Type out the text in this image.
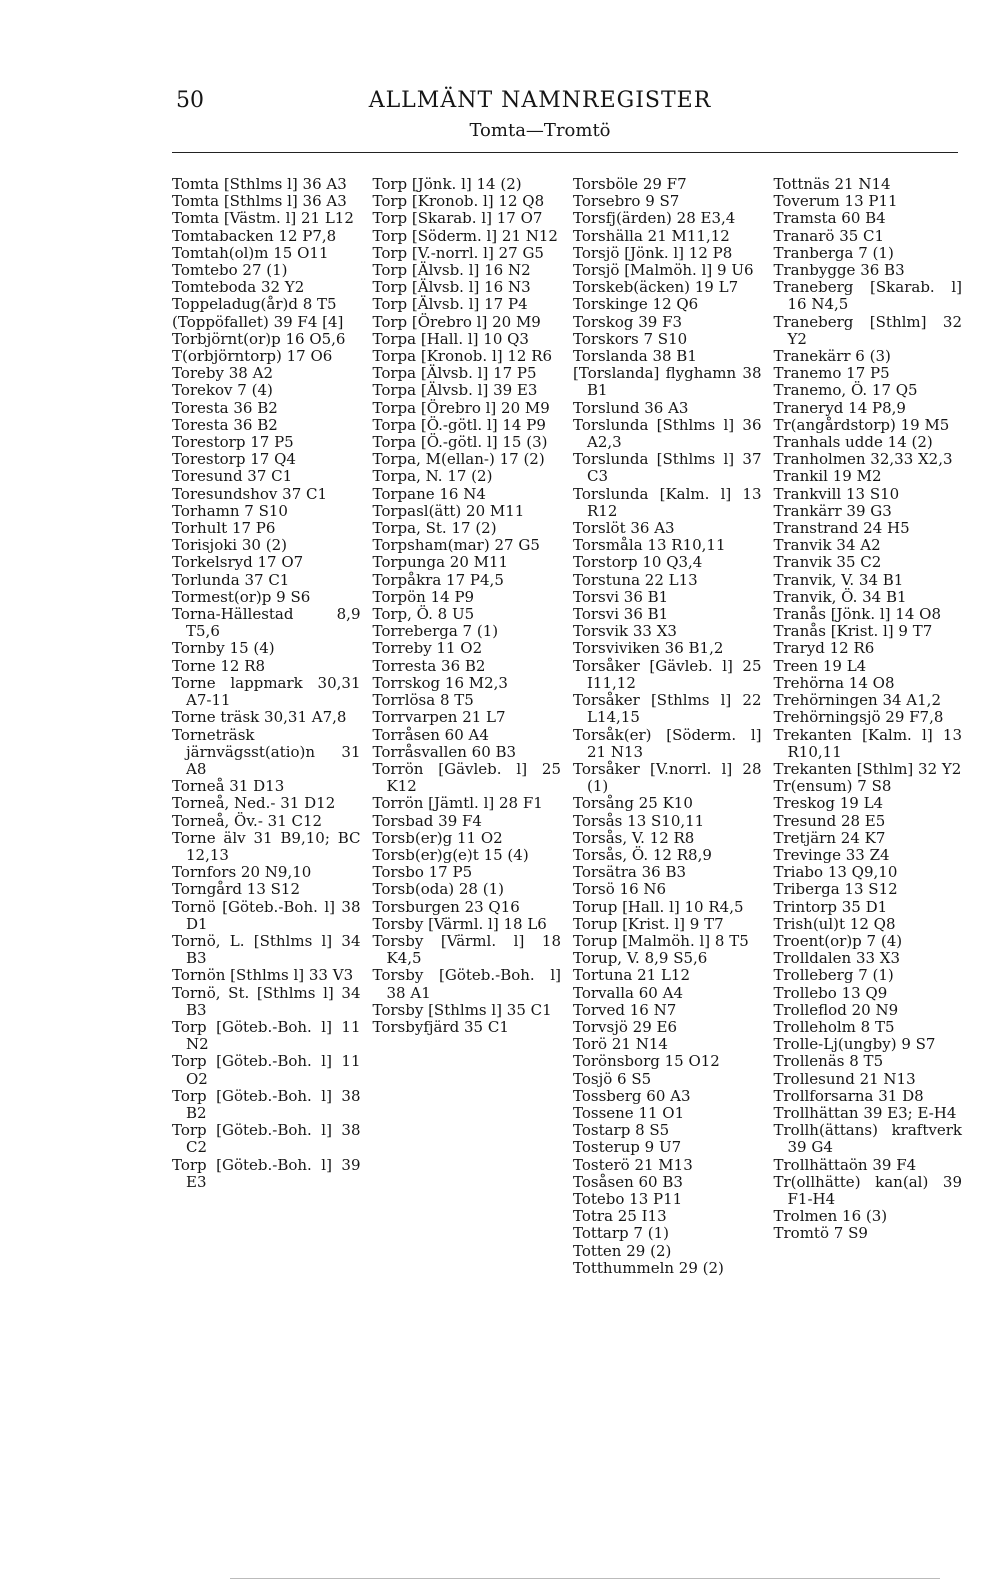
50	ALLMÄNT NAMNREGISTER
Tomta—Tromtö
Tomta [Sthlms l] 36 A3
Tomta [Sthlms l] 36 A3
Tomta [Västm. l] 21 L12
Tomtabacken 12 P7,8
Tomtah(ol)m 15 O11
Tomtebo 27 (1)
Tomteboda 32 Y2
Toppeladug(år)d 8 T5
(Toppöfallet) 39 F4 [4]
Torbjörnt(or)p 16 O5,6
T(orbjörntorp) 17 O6
Toreby 38 A2
Torekov 7 (4)
Toresta 36 B2
Toresta 36 B2
Torestorp 17 P5
Torestorp 17 Q4
Toresund 37 C1
Toresundshov 37 C1
Torhamn 7 S10
Torhult 17 P6
Torisjoki 30 (2)
Torkelsryd 17 O7
Torlunda 37 C1
Tormest(or)p 9 S6
Torna-Hällestad 8,9 T5,6
Tornby 15 (4)
Torne 12 R8
Torne lappmark 30,31 A7-11
Torne träsk 30,31 A7,8
Torneträsk järnvägsst(atio)n 31 A8
Torneå 31 D13
Torneå, Ned.- 31 D12
Torneå, Öv.- 31 C12
Torne älv 31 B9,10; BC 12,13
Tornfors 20 N9,10
Torngård 13 S12
Tornö [Göteb.-Boh. l] 38 D1
Tornö, L. [Sthlms l] 34 B3
Tornön [Sthlms l] 33 V3
Tornö, St. [Sthlms l] 34 B3
Torp [Göteb.-Boh. l] 11 N2
Torp [Göteb.-Boh. l] 11 O2
Torp [Göteb.-Boh. l] 38 B2
Torp [Göteb.-Boh. l] 38 C2
Torp [Göteb.-Boh. l] 39 E3
Torp [Jönk. l] 14 (2)
Torp [Kronob. l] 12 Q8
Torp [Skarab. l] 17 O7
Torp [Söderm. l] 21 N12
Torp [V.-norrl. l] 27 G5
Torp [Älvsb. l] 16 N2
Torp [Älvsb. l] 16 N3
Torp [Älvsb. l] 17 P4
Torp [Örebro l] 20 M9
Torpa [Hall. l] 10 Q3
Torpa [Kronob. l] 12 R6
Torpa [Älvsb. l] 17 P5
Torpa [Älvsb. l] 39 E3
Torpa [Örebro l] 20 M9
Torpa [Ö.-götl. l] 14 P9
Torpa [Ö.-götl. l] 15 (3)
Torpa, M(ellan-) 17 (2)
Torpa, N. 17 (2)
Torpane 16 N4
Torpasl(ätt) 20 M11
Torpa, St. 17 (2)
Torpsham(mar) 27 G5
Torpunga 20 M11
Torpåkra 17 P4,5
Torpön 14 P9
Torp, Ö. 8 U5
Torreberga 7 (1)
Torreby 11 O2
Torresta 36 B2
Torrskog 16 M2,3
Torrlösa 8 T5
Torrvarpen 21 L7
Torråsen 60 A4
Torråsvallen 60 B3
Torrön [Gävleb. l] 25 K12
Torrön [Jämtl. l] 28 F1
Torsbad 39 F4
Torsb(er)g 11 O2
Torsb(er)g(e)t 15 (4)
Torsbo 17 P5
Torsb(oda) 28 (1)
Torsburgen 23 Q16
Torsby [Värml. l] 18 L6
Torsby [Värml. l] 18 K4,5
Torsby [Göteb.-Boh. l] 38 A1
Torsby [Sthlms l] 35 C1
Torsbyfjärd 35 C1
Torsböle 29 F7
Torsebro 9 S7
Torsfj(ärden) 28 E3,4
Torshälla 21 M11,12
Torsjö [Jönk. l] 12 P8
Torsjö [Malmöh. l] 9 U6
Torskeb(äcken) 19 L7
Torskinge 12 Q6
Torskog 39 F3
Torskors 7 S10
Torslanda 38 B1
[Torslanda] flyghamn 38 B1
Torslund 36 A3
Torslunda [Sthlms l] 36 A2,3
Torslunda [Sthlms l] 37 C3
Torslunda [Kalm. l] 13 R12
Torslöt 36 A3
Torsmåla 13 R10,11
Torstorp 10 Q3,4
Torstuna 22 L13
Torsvi 36 B1
Torsvi 36 B1
Torsvik 33 X3
Torsviviken 36 B1,2
Torsåker [Gävleb. l] 25 I11,12
Torsåker [Sthlms l] 22 L14,15
Torsåk(er) [Söderm. l] 21 N13
Torsåker [V.norrl. l] 28 (1)
Torsång 25 K10
Torsås 13 S10,11
Torsås, V. 12 R8
Torsås, Ö. 12 R8,9
Torsätra 36 B3
Torsö 16 N6
Torup [Hall. l] 10 R4,5
Torup [Krist. l] 9 T7
Torup [Malmöh. l] 8 T5
Torup, V. 8,9 S5,6
Tortuna 21 L12
Torvalla 60 A4
Torved 16 N7
Torvsjö 29 E6
Torö 21 N14
Torönsborg 15 O12
Tosjö 6 S5
Tossberg 60 A3
Tossene 11 O1
Tostarp 8 S5
Tosterup 9 U7
Tosterö 21 M13
Tosåsen 60 B3
Totebo 13 P11
Totra 25 I13
Tottarp 7 (1)
Totten 29 (2)
Totthummeln 29 (2)
Tottnäs 21 N14
Toverum 13 P11
Tramsta 60 B4
Tranarö 35 C1
Tranberga 7 (1)
Tranbygge 36 B3
Traneberg [Skarab. l] 16 N4,5
Traneberg [Sthlm] 32 Y2
Tranekärr 6 (3)
Tranemo 17 P5
Tranemo, Ö. 17 Q5
Traneryd 14 P8,9
Tr(angårdstorp) 19 M5
Tranhals udde 14 (2)
Tranholmen 32,33 X2,3
Trankil 19 M2
Trankvill 13 S10
Trankärr 39 G3
Transtrand 24 H5
Tranvik 34 A2
Tranvik 35 C2
Tranvik, V. 34 B1
Tranvik, Ö. 34 B1
Tranås [Jönk. l] 14 O8
Tranås [Krist. l] 9 T7
Traryd 12 R6
Treen 19 L4
Trehörna 14 O8
Trehörningen 34 A1,2
Trehörningsjö 29 F7,8
Trekanten [Kalm. l] 13 R10,11
Trekanten [Sthlm] 32 Y2
Tr(ensum) 7 S8
Treskog 19 L4
Tresund 28 E5
Tretjärn 24 K7
Trevinge 33 Z4
Triabo 13 Q9,10
Triberga 13 S12
Trintorp 35 D1
Trish(ul)t 12 Q8
Troent(or)p 7 (4)
Trolldalen 33 X3
Trolleberg 7 (1)
Trollebo 13 Q9
Trolleflod 20 N9
Trolleholm 8 T5
Trolle-Lj(ungby) 9 S7
Trollenäs 8 T5
Trollesund 21 N13
Trollforsarna 31 D8
Trollhättan 39 E3; E-H4
Trollh(ättans) kraftverk 39 G4
Trollhättaön 39 F4
Tr(ollhätte) kan(al) 39 F1-H4
Trolmen 16 (3)
Tromtö 7 S9
